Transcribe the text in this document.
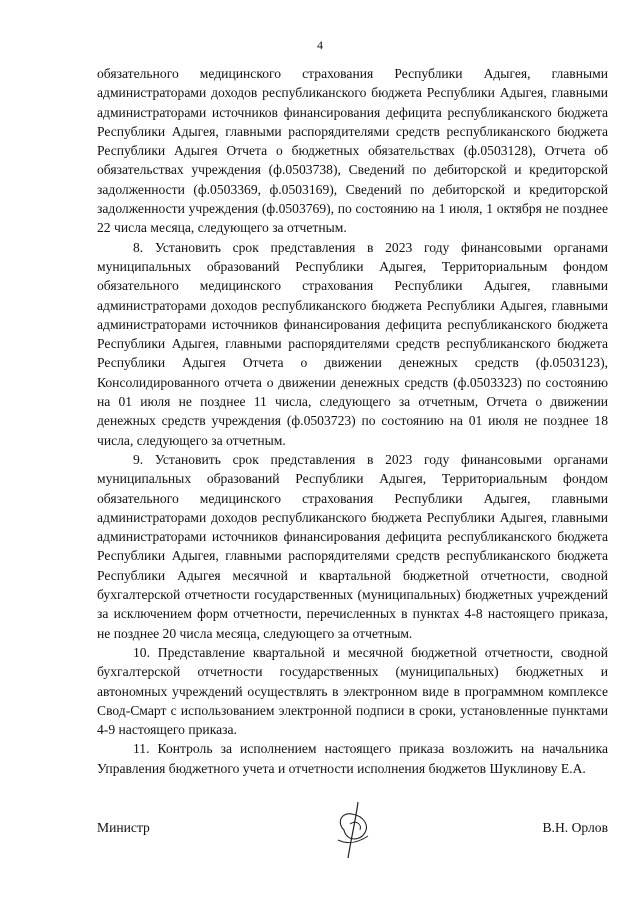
4

обязательного медицинского страхования Республики Адыгея, главными администраторами доходов республиканского бюджета Республики Адыгея, главными администраторами источников финансирования дефицита республиканского бюджета Республики Адыгея, главными распорядителями средств республиканского бюджета Республики Адыгея Отчета о бюджетных обязательствах (ф.0503128), Отчета об обязательствах учреждения (ф.0503738), Сведений по дебиторской и кредиторской задолженности (ф.0503369, ф.0503169), Сведений по дебиторской и кредиторской задолженности учреждения (ф.0503769), по состоянию на 1 июля, 1 октября не позднее 22 числа месяца, следующего за отчетным.

8. Установить срок представления в 2023 году финансовыми органами муниципальных образований Республики Адыгея, Территориальным фондом обязательного медицинского страхования Республики Адыгея, главными администраторами доходов республиканского бюджета Республики Адыгея, главными администраторами источников финансирования дефицита республиканского бюджета Республики Адыгея, главными распорядителями средств республиканского бюджета Республики Адыгея Отчета о движении денежных средств (ф.0503123), Консолидированного отчета о движении денежных средств (ф.0503323) по состоянию на 01 июля не позднее 11 числа, следующего за отчетным, Отчета о движении денежных средств учреждения (ф.0503723) по состоянию на 01 июля не позднее 18 числа, следующего за отчетным.

9. Установить срок представления в 2023 году финансовыми органами муниципальных образований Республики Адыгея, Территориальным фондом обязательного медицинского страхования Республики Адыгея, главными администраторами доходов республиканского бюджета Республики Адыгея, главными администраторами источников финансирования дефицита республиканского бюджета Республики Адыгея, главными распорядителями средств республиканского бюджета Республики Адыгея месячной и квартальной бюджетной отчетности, сводной бухгалтерской отчетности государственных (муниципальных) бюджетных учреждений за исключением форм отчетности, перечисленных в пунктах 4-8 настоящего приказа, не позднее 20 числа месяца, следующего за отчетным.

10. Представление квартальной и месячной бюджетной отчетности, сводной бухгалтерской отчетности государственных (муниципальных) бюджетных и автономных учреждений осуществлять в электронном виде в программном комплексе Свод-Смарт с использованием электронной подписи в сроки, установленные пунктами 4-9 настоящего приказа.

11. Контроль за исполнением настоящего приказа возложить на начальника Управления бюджетного учета и отчетности исполнения бюджетов Шуклинову Е.А.

Министр	В.Н. Орлов
